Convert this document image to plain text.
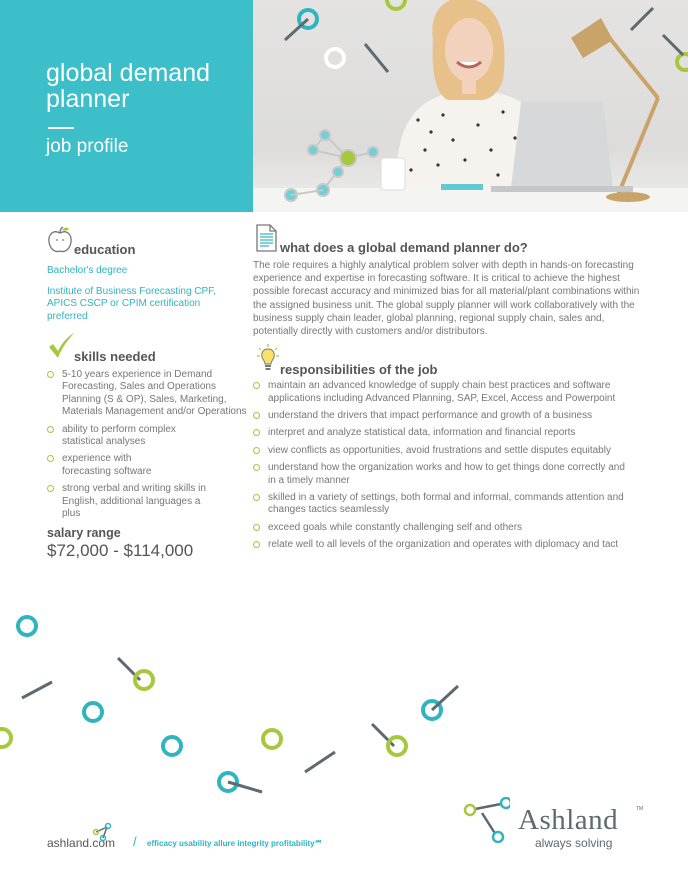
global demand planner
job profile
education
Bachelor's degree
Institute of Business Forecasting CPF, APICS CSCP or CPIM certification preferred
skills needed
5-10 years experience in Demand Forecasting, Sales and Operations Planning (S & OP), Sales, Marketing, Materials Management and/or Operations
ability to perform complex statistical analyses
experience with forecasting software
strong verbal and writing skills in English, additional languages a plus
salary range
$72,000 - $114,000
what does a global demand planner do?

The role requires a highly analytical problem solver with depth in hands-on forecasting experience and expertise in forecasting software. It is critical to achieve the highest possible forecast accuracy and minimized bias for all material/plant combinations within the assigned business unit. The global supply planner will work collaboratively with the business supply chain leader, global planning, regional supply chain, sales and, potentially directly with customers and/or distributors.

responsibilities of the job
maintain an advanced knowledge of supply chain best practices and software applications including Advanced Planning, SAP, Excel, Access and Powerpoint
understand the drivers that impact performance and growth of a business
interpret and analyze statistical data, information and financial reports
view conflicts as opportunities, avoid frustrations and settle disputes equitably
understand how the organization works and how to get things done correctly and in a timely manner
skilled in a variety of settings, both formal and informal, commands attention and changes tactics seamlessly
exceed goals while constantly challenging self and others
relate well to all levels of the organization and operates with diplomacy and tact
ashland.com / efficacy usability allure integrity profitability℠
Ashland	TM
always solving
